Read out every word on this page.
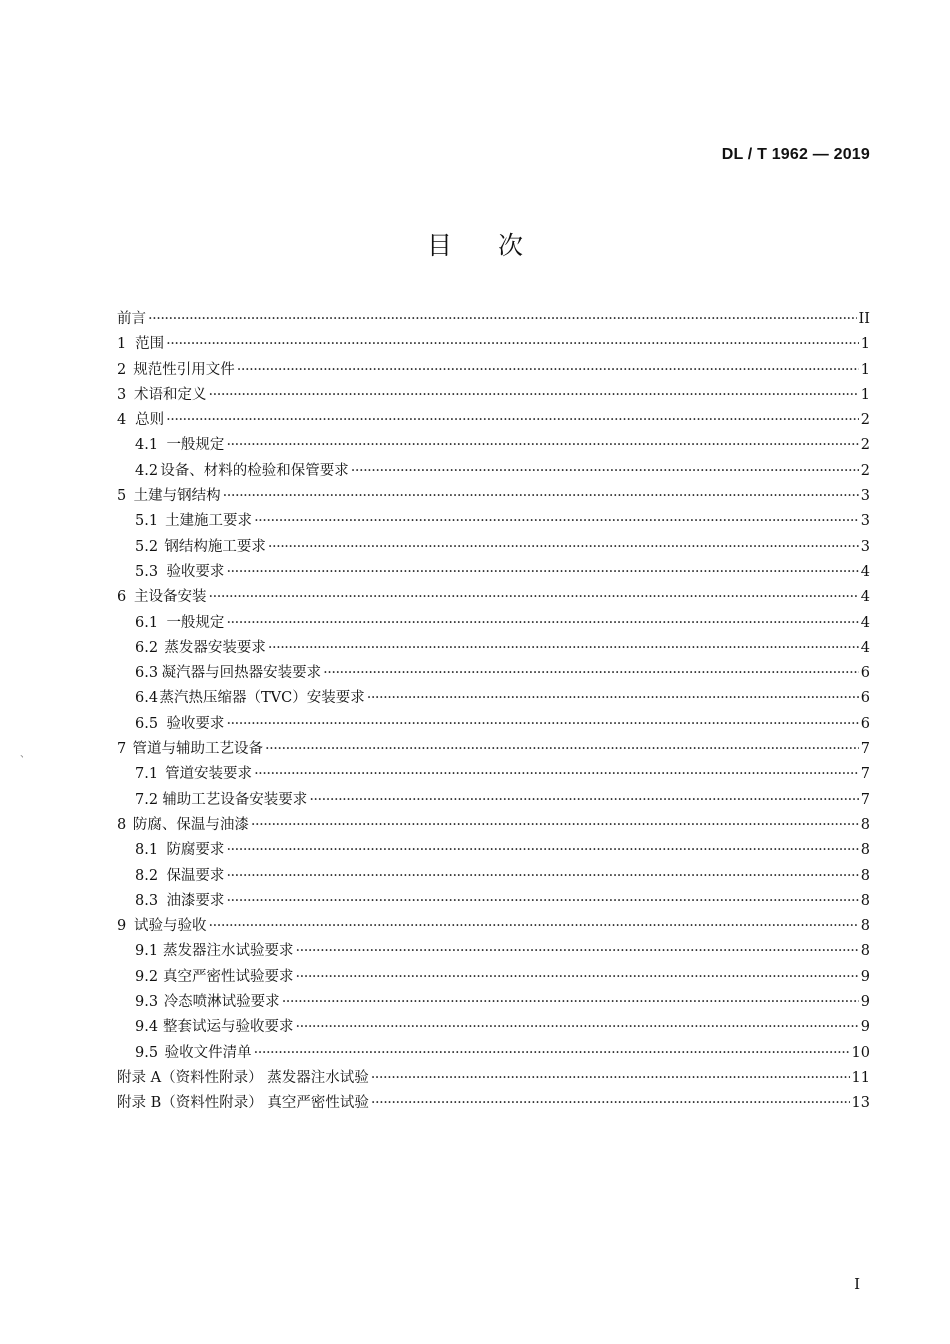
DL / T 1962 — 2019
目次
前言 ·····	II
1 范围 ·····	1
2 规范性引用文件 ·····	1
3 术语和定义 ·····	1
4 总则 ·····	2
4.1 一般规定 ·····	2
4.2 设备、材料的检验和保管要求 ·····	2
5 土建与钢结构 ·····	3
5.1 土建施工要求 ·····	3
5.2 钢结构施工要求 ·····	3
5.3 验收要求 ·····	4
6 主设备安装 ·····	4
6.1 一般规定 ·····	4
6.2 蒸发器安装要求 ·····	4
6.3 凝汽器与回热器安装要求 ·····	6
6.4 蒸汽热压缩器（TVC）安装要求 ·····	6
6.5 验收要求 ·····	6
7 管道与辅助工艺设备 ·····	7
7.1 管道安装要求 ·····	7
7.2 辅助工艺设备安装要求 ·····	7
8 防腐、保温与油漆 ·····	8
8.1 防腐要求 ·····	8
8.2 保温要求 ·····	8
8.3 油漆要求 ·····	8
9 试验与验收 ·····	8
9.1 蒸发器注水试验要求 ·····	8
9.2 真空严密性试验要求 ·····	9
9.3 冷态喷淋试验要求 ·····	9
9.4 整套试运与验收要求 ·····	9
9.5 验收文件清单 ·····	10
附录 A（资料性附录） 蒸发器注水试验 ·····	11
附录 B（资料性附录） 真空严密性试验 ·····	13
、
I
